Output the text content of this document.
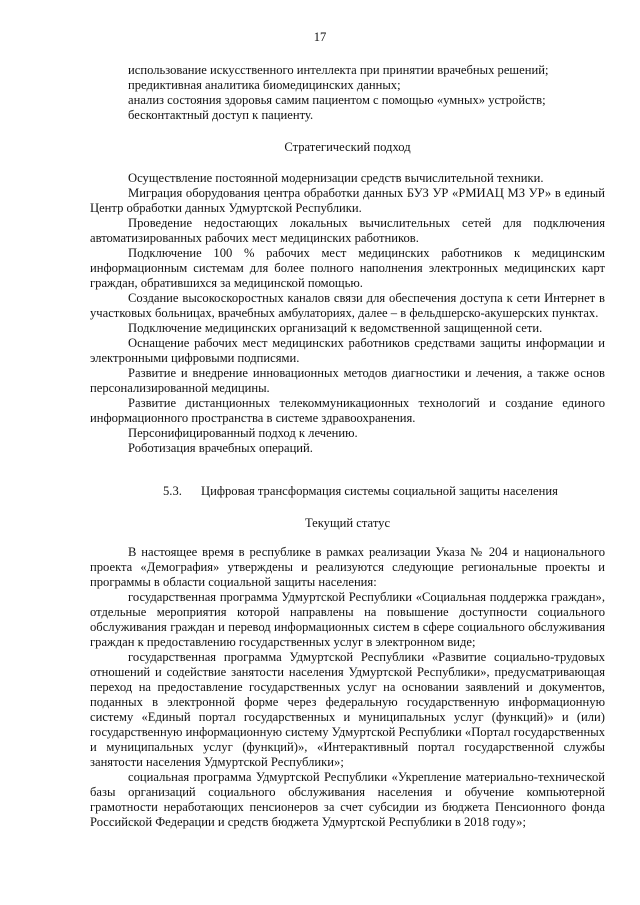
17

использование искусственного интеллекта при принятии врачебных решений;

предиктивная аналитика биомедицинских данных;

анализ состояния здоровья самим пациентом с помощью «умных» устройств;

бесконтактный доступ к пациенту.

Стратегический подход

Осуществление постоянной модернизации средств вычислительной техники.

Миграция оборудования центра обработки данных БУЗ УР «РМИАЦ МЗ УР» в единый Центр обработки данных Удмуртской Республики.

Проведение недостающих локальных вычислительных сетей для подключения автоматизированных рабочих мест медицинских работников.

Подключение 100 % рабочих мест медицинских работников к медицинским информационным системам для более полного наполнения электронных медицинских карт граждан, обратившихся за медицинской помощью.

Создание высокоскоростных каналов связи для обеспечения доступа к сети Интернет в участковых больницах, врачебных амбулаториях, далее – в фельдшерско-акушерских пунктах.

Подключение медицинских организаций к ведомственной защищенной сети.

Оснащение рабочих мест медицинских работников средствами защиты информации и электронными цифровыми подписями.

Развитие и внедрение инновационных методов диагностики и лечения, а также основ персонализированной медицины.

Развитие дистанционных телекоммуникационных технологий и создание единого информационного пространства в системе здравоохранения.

Персонифицированный подход к лечению.

Роботизация врачебных операций.

5.3. Цифровая трансформация системы социальной защиты населения
Текущий статус

В настоящее время в республике в рамках реализации Указа № 204 и национального проекта «Демография» утверждены и реализуются следующие региональные проекты и программы в области социальной защиты населения:

государственная программа Удмуртской Республики «Социальная поддержка граждан», отдельные мероприятия которой направлены на повышение доступности социального обслуживания граждан и перевод информационных систем в сфере социального обслуживания граждан к предоставлению государственных услуг в электронном виде;

государственная программа Удмуртской Республики «Развитие социально-трудовых отношений и содействие занятости населения Удмуртской Республики», предусматривающая переход на предоставление государственных услуг на основании заявлений и документов, поданных в электронной форме через федеральную государственную информационную систему «Единый портал государственных и муниципальных услуг (функций)» и (или) государственную информационную систему Удмуртской Республики «Портал государственных и муниципальных услуг (функций)», «Интерактивный портал государственной службы занятости населения Удмуртской Республики»;

социальная программа Удмуртской Республики «Укрепление материально-технической базы организаций социального обслуживания населения и обучение компьютерной грамотности неработающих пенсионеров за счет субсидии из бюджета Пенсионного фонда Российской Федерации и средств бюджета Удмуртской Республики в 2018 году»;
